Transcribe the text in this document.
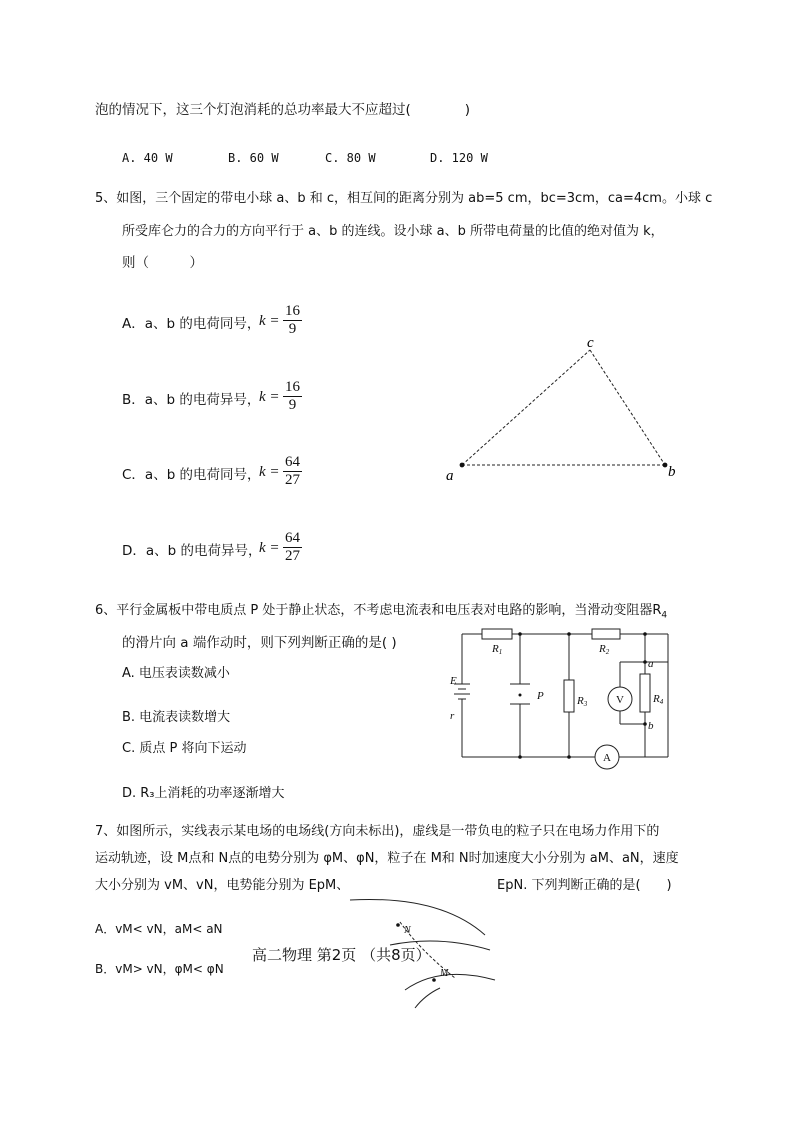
泡的情况下，这三个灯泡消耗的总功率最大不应超过(　　　　)
A. 40 W	B. 60 W	C. 80 W	D. 120 W
5、如图，三个固定的带电小球 a、b 和 c，相互间的距离分别为 ab=5 cm，bc=3cm，ca=4cm。小球 c
所受库仑力的合力的方向平行于 a、b 的连线。设小球 a、b 所带电荷量的比值的绝对值为 k，
则（　　　）
A．a、b 的电荷同号，
$k = \frac{16}{9}$
B．a、b 的电荷异号，
$k = \frac{16}{9}$
C．a、b 的电荷同号，
$k = \frac{64}{27}$
D．a、b 的电荷异号，
$k = \frac{64}{27}$
a	b
c
6、平行金属板中带电质点 P 处于静止状态，不考虑电流表和电压表对电路的影响，当滑动变阻器$R_4$
的滑片向 a 端作动时，则下列判断正确的是( )
A. 电压表读数减小
B. 电流表读数增大
C. 质点 P 将向下运动
D. R₃上消耗的功率逐渐增大
R1	R2
R3	R4
E
r
P
a
b
V
A
7、如图所示，实线表示某电场的电场线(方向未标出)，虚线是一带负电的粒子只在电场力作用下的
运动轨迹，设 M点和 N点的电势分别为 φM、φN，粒子在 M和 N时加速度大小分别为 aM、aN，速度
大小分别为 vM、vN，电势能分别为 EpM、	EpN. 下列判断正确的是(　　)
A．vM< vN，aM< aN
B．vM> vN，φM< φN
N
M
高二物理 第2页 （共8页）
